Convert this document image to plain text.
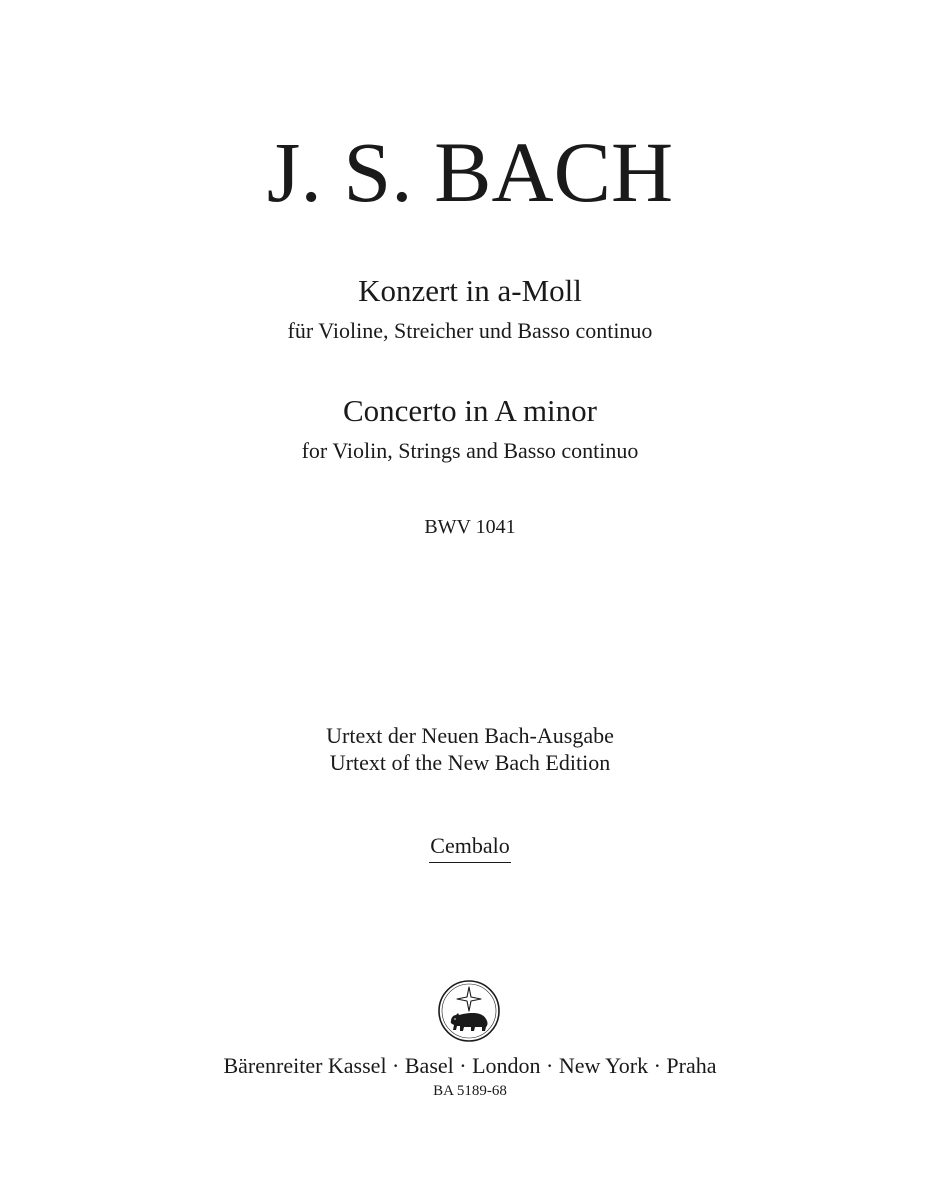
J. S. BACH
Konzert in a-Moll
für Violine, Streicher und Basso continuo
Concerto in A minor
for Violin, Strings and Basso continuo
BWV 1041
Urtext der Neuen Bach-Ausgabe
Urtext of the New Bach Edition
Cembalo
Bärenreiter Kassel · Basel · London · New York · Praha
BA 5189-68
